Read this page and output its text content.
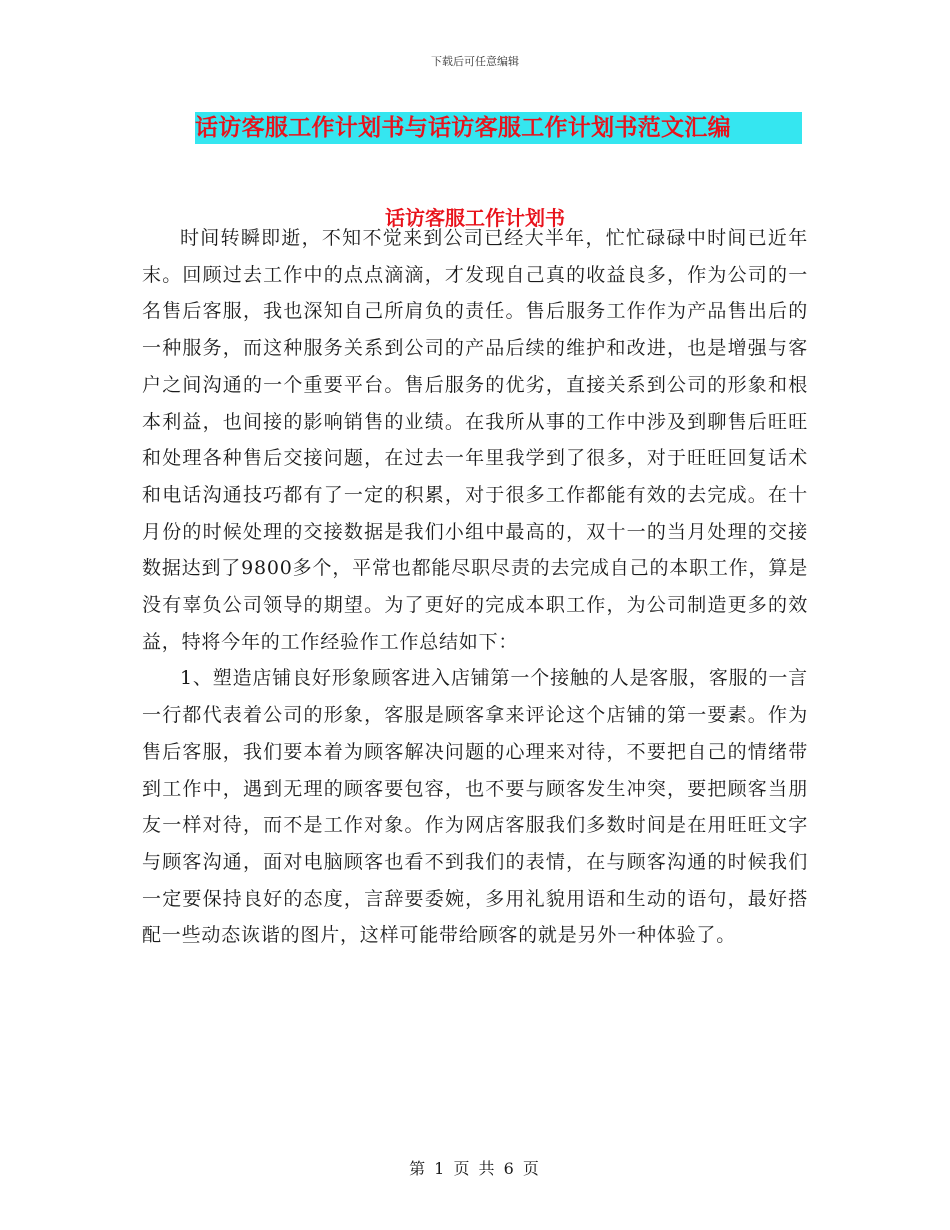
下载后可任意编辑
话访客服工作计划书与话访客服工作计划书范文汇编
话访客服工作计划书

时间转瞬即逝，不知不觉来到公司已经大半年，忙忙碌碌中时间已近年末。回顾过去工作中的点点滴滴，才发现自己真的收益良多，作为公司的一名售后客服，我也深知自己所肩负的责任。售后服务工作作为产品售出后的一种服务，而这种服务关系到公司的产品后续的维护和改进，也是增强与客户之间沟通的一个重要平台。售后服务的优劣，直接关系到公司的形象和根本利益，也间接的影响销售的业绩。在我所从事的工作中涉及到聊售后旺旺和处理各种售后交接问题，在过去一年里我学到了很多，对于旺旺回复话术和电话沟通技巧都有了一定的积累，对于很多工作都能有效的去完成。在十月份的时候处理的交接数据是我们小组中最高的，双十一的当月处理的交接数据达到了9800多个，平常也都能尽职尽责的去完成自己的本职工作，算是没有辜负公司领导的期望。为了更好的完成本职工作，为公司制造更多的效益，特将今年的工作经验作工作总结如下：

1、塑造店铺良好形象顾客进入店铺第一个接触的人是客服，客服的一言一行都代表着公司的形象，客服是顾客拿来评论这个店铺的第一要素。作为售后客服，我们要本着为顾客解决问题的心理来对待，不要把自己的情绪带到工作中，遇到无理的顾客要包容，也不要与顾客发生冲突，要把顾客当朋友一样对待，而不是工作对象。作为网店客服我们多数时间是在用旺旺文字与顾客沟通，面对电脑顾客也看不到我们的表情，在与顾客沟通的时候我们一定要保持良好的态度，言辞要委婉，多用礼貌用语和生动的语句，最好搭配一些动态诙谐的图片，这样可能带给顾客的就是另外一种体验了。

第 1 页 共 6 页
